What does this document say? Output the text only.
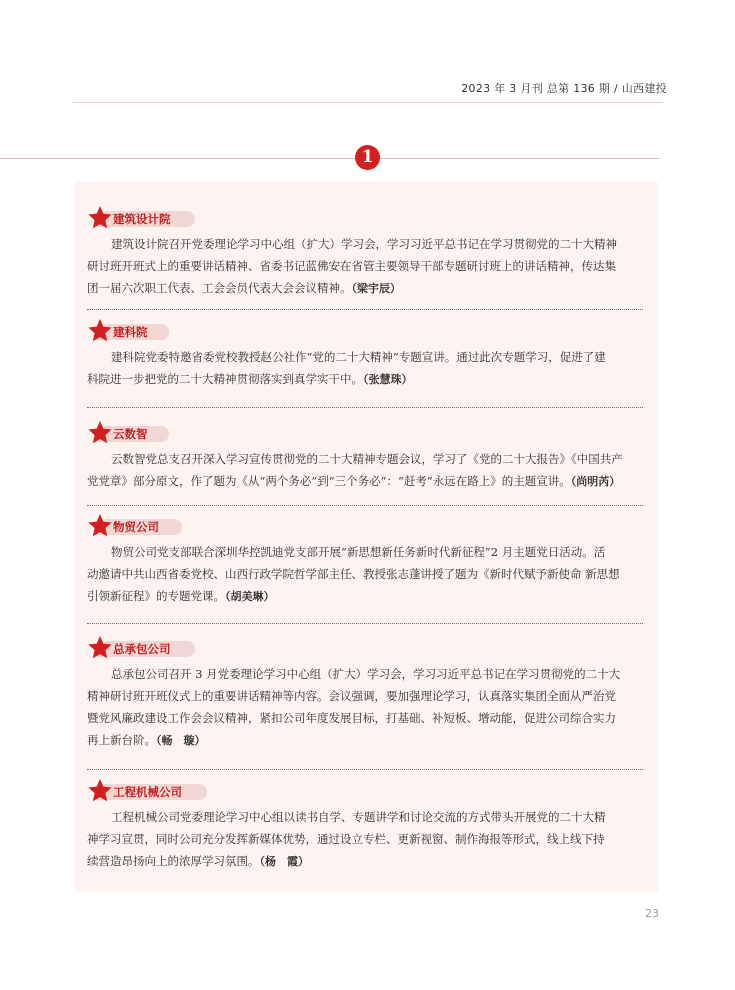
2023 年 3 月刊 总第 136 期 / 山西建投
1
建筑设计院
建筑设计院召开党委理论学习中心组（扩大）学习会，学习习近平总书记在学习贯彻党的二十大精神
研讨班开班式上的重要讲话精神、省委书记蓝佛安在省管主要领导干部专题研讨班上的讲话精神，传达集
团一届六次职工代表、工会会员代表大会会议精神。（梁宇辰）
建科院
建科院党委特邀省委党校教授赵公社作“党的二十大精神”专题宣讲。通过此次专题学习，促进了建
科院进一步把党的二十大精神贯彻落实到真学实干中。（张慧珠）
云数智
云数智党总支召开深入学习宣传贯彻党的二十大精神专题会议，学习了《党的二十大报告》《中国共产
党党章》部分原文，作了题为《从“两个务必”到“三个务必”：“赶考”永远在路上》的主题宣讲。（尚明芮）
物贸公司
物贸公司党支部联合深圳华控凯迪党支部开展“新思想新任务新时代新征程”2 月主题党日活动。活
动邀请中共山西省委党校、山西行政学院哲学部主任、教授张志蓬讲授了题为《新时代赋予新使命 新思想
引领新征程》的专题党课。（胡美琳）
总承包公司
总承包公司召开 3 月党委理论学习中心组（扩大）学习会，学习习近平总书记在学习贯彻党的二十大
精神研讨班开班仪式上的重要讲话精神等内容。会议强调，要加强理论学习，认真落实集团全面从严治党
暨党风廉政建设工作会会议精神，紧扣公司年度发展目标，打基础、补短板、增动能，促进公司综合实力
再上新台阶。（畅　璇）
工程机械公司
工程机械公司党委理论学习中心组以读书自学、专题讲学和讨论交流的方式带头开展党的二十大精
神学习宣贯，同时公司充分发挥新媒体优势，通过设立专栏、更新视窗、制作海报等形式，线上线下持
续营造昂扬向上的浓厚学习氛围。（杨　霞）
23
